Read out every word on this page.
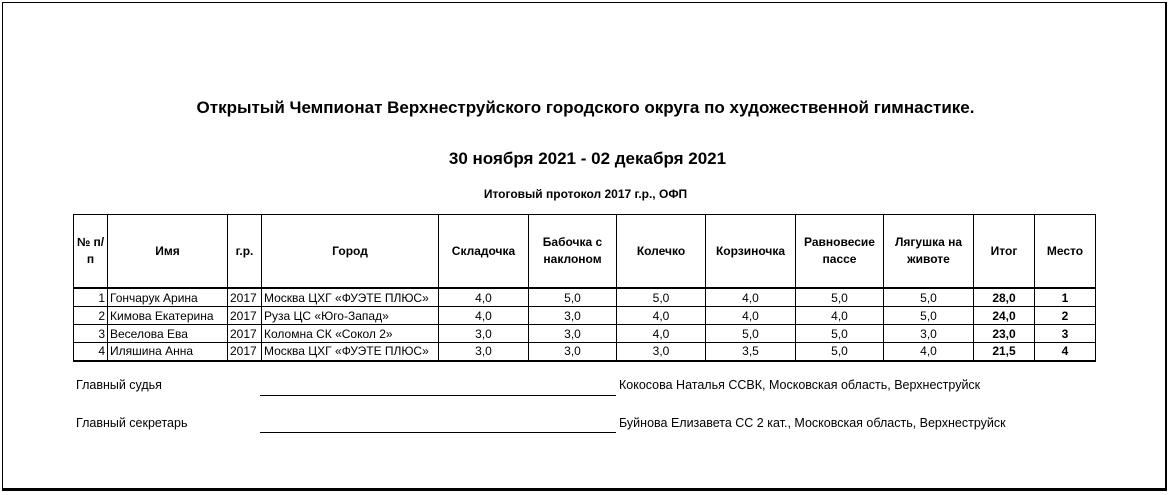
Открытый Чемпионат Верхнеструйского городского округа по художественной гимнастике.
30 ноября 2021 - 02 декабря 2021
Итоговый протокол 2017 г.р., ОФП
№ п/п	Имя	г.р.	Город	Складочка	Бабочка с наклоном	Колечко	Корзиночка	Равновесие пассе	Лягушка на животе	Итог	Место

1	Гончарук Арина	2017	Москва ЦХГ «ФУЭТЕ ПЛЮС»	4,0	5,0	5,0	4,0	5,0	5,0	28,0	1
2	Кимова Екатерина	2017	Руза ЦС «Юго-Запад»	4,0	3,0	4,0	4,0	4,0	5,0	24,0	2
3	Веселова Ева	2017	Коломна СК «Сокол 2»	3,0	3,0	4,0	5,0	5,0	3,0	23,0	3
4	Иляшина Анна	2017	Москва ЦХГ «ФУЭТЕ ПЛЮС»	3,0	3,0	3,0	3,5	5,0	4,0	21,5	4
Главный судья	Кокосова Наталья ССВК, Московская область, Верхнеструйск
Главный секретарь	Буйнова Елизавета СС 2 кат., Московская область, Верхнеструйск
